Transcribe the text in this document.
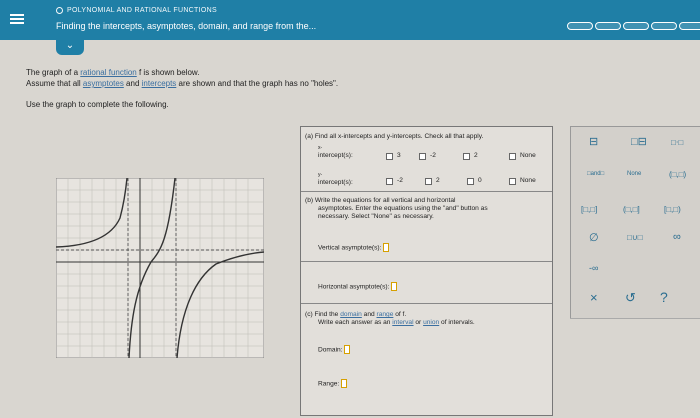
POLYNOMIAL AND RATIONAL FUNCTIONS
Finding the intercepts, asymptotes, domain, and range from the...
⌄

The graph of a rational function f is shown below.

Assume that all asymptotes and intercepts are shown and that the graph has no "holes".

Use the graph to complete the following.
(a) Find all x-intercepts and y-intercepts. Check all that apply.
x-
intercept(s):	3	-2	2	None
y-
intercept(s):	-2	2	0	None
(b) Write the equations for all vertical and horizontal
asymptotes. Enter the equations using the "and" button as
necessary. Select "None" as necessary.
Vertical asymptote(s):
Horizontal asymptote(s):
(c) Find the domain and range of f.
Write each answer as an interval or union of intervals.
Domain:
Range:
⊟	□⊟	□⋅□
□and□	None	(□,□)
[□,□]	(□,□]	[□,□)
∅	□∪□	∞
-∞
× ↺ ?
